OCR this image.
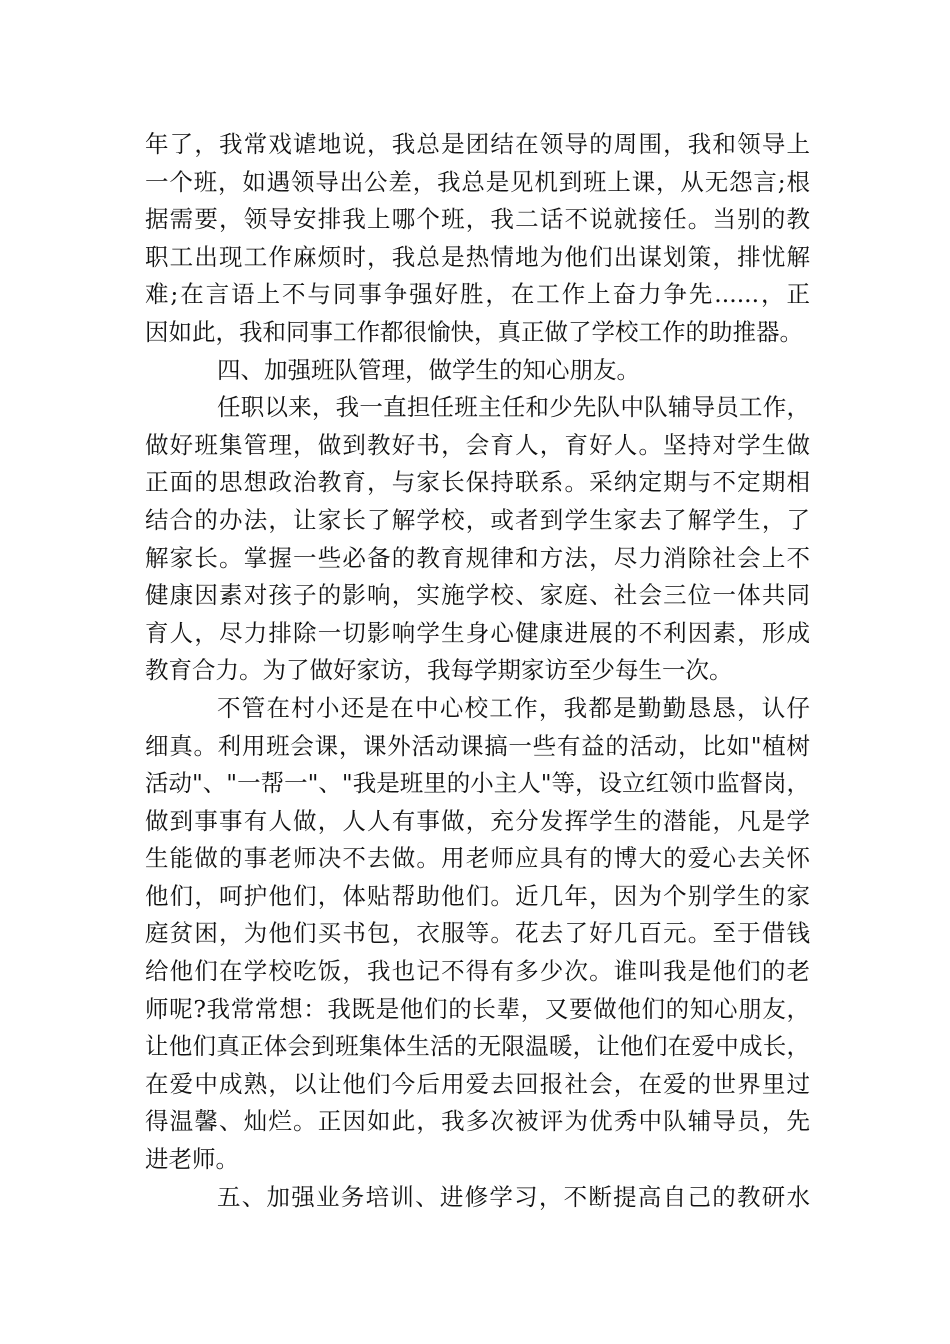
年了，我常戏谑地说，我总是团结在领导的周围，我和领导上
一个班，如遇领导出公差，我总是见机到班上课，从无怨言;根
据需要，领导安排我上哪个班，我二话不说就接任。当别的教
职工出现工作麻烦时，我总是热情地为他们出谋划策，排忧解
难;在言语上不与同事争强好胜，在工作上奋力争先......，正
因如此，我和同事工作都很愉快，真正做了学校工作的助推器。
四、加强班队管理，做学生的知心朋友。
任职以来，我一直担任班主任和少先队中队辅导员工作，
做好班集管理，做到教好书，会育人，育好人。坚持对学生做
正面的思想政治教育，与家长保持联系。采纳定期与不定期相
结合的办法，让家长了解学校，或者到学生家去了解学生，了
解家长。掌握一些必备的教育规律和方法，尽力消除社会上不
健康因素对孩子的影响，实施学校、家庭、社会三位一体共同
育人，尽力排除一切影响学生身心健康进展的不利因素，形成
教育合力。为了做好家访，我每学期家访至少每生一次。
不管在村小还是在中心校工作，我都是勤勤恳恳，认仔
细真。利用班会课，课外活动课搞一些有益的活动，比如"植树
活动"、"一帮一"、"我是班里的小主人"等，设立红领巾监督岗，
做到事事有人做，人人有事做，充分发挥学生的潜能，凡是学
生能做的事老师决不去做。用老师应具有的博大的爱心去关怀
他们，呵护他们，体贴帮助他们。近几年，因为个别学生的家
庭贫困，为他们买书包，衣服等。花去了好几百元。至于借钱
给他们在学校吃饭，我也记不得有多少次。谁叫我是他们的老
师呢?我常常想：我既是他们的长辈，又要做他们的知心朋友，
让他们真正体会到班集体生活的无限温暖，让他们在爱中成长，
在爱中成熟，以让他们今后用爱去回报社会，在爱的世界里过
得温馨、灿烂。正因如此，我多次被评为优秀中队辅导员，先
进老师。
五、加强业务培训、进修学习，不断提高自己的教研水
